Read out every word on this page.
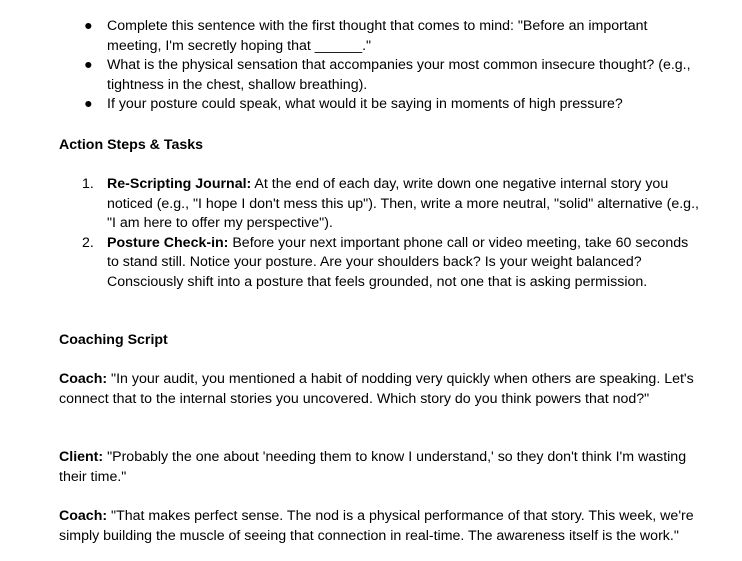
● Complete this sentence with the first thought that comes to mind: "Before an important meeting, I'm secretly hoping that ______."
● What is the physical sensation that accompanies your most common insecure thought? (e.g., tightness in the chest, shallow breathing).
● If your posture could speak, what would it be saying in moments of high pressure?

Action Steps & Tasks

1. Re-Scripting Journal: At the end of each day, write down one negative internal story you noticed (e.g., "I hope I don't mess this up"). Then, write a more neutral, "solid" alternative (e.g., "I am here to offer my perspective").
2. Posture Check-in: Before your next important phone call or video meeting, take 60 seconds to stand still. Notice your posture. Are your shoulders back? Is your weight balanced? Consciously shift into a posture that feels grounded, not one that is asking permission.

Coaching Script

Coach: "In your audit, you mentioned a habit of nodding very quickly when others are speaking. Let's connect that to the internal stories you uncovered. Which story do you think powers that nod?"

Client: "Probably the one about 'needing them to know I understand,' so they don't think I'm wasting their time."

Coach: "That makes perfect sense. The nod is a physical performance of that story. This week, we're simply building the muscle of seeing that connection in real-time. The awareness itself is the work."
